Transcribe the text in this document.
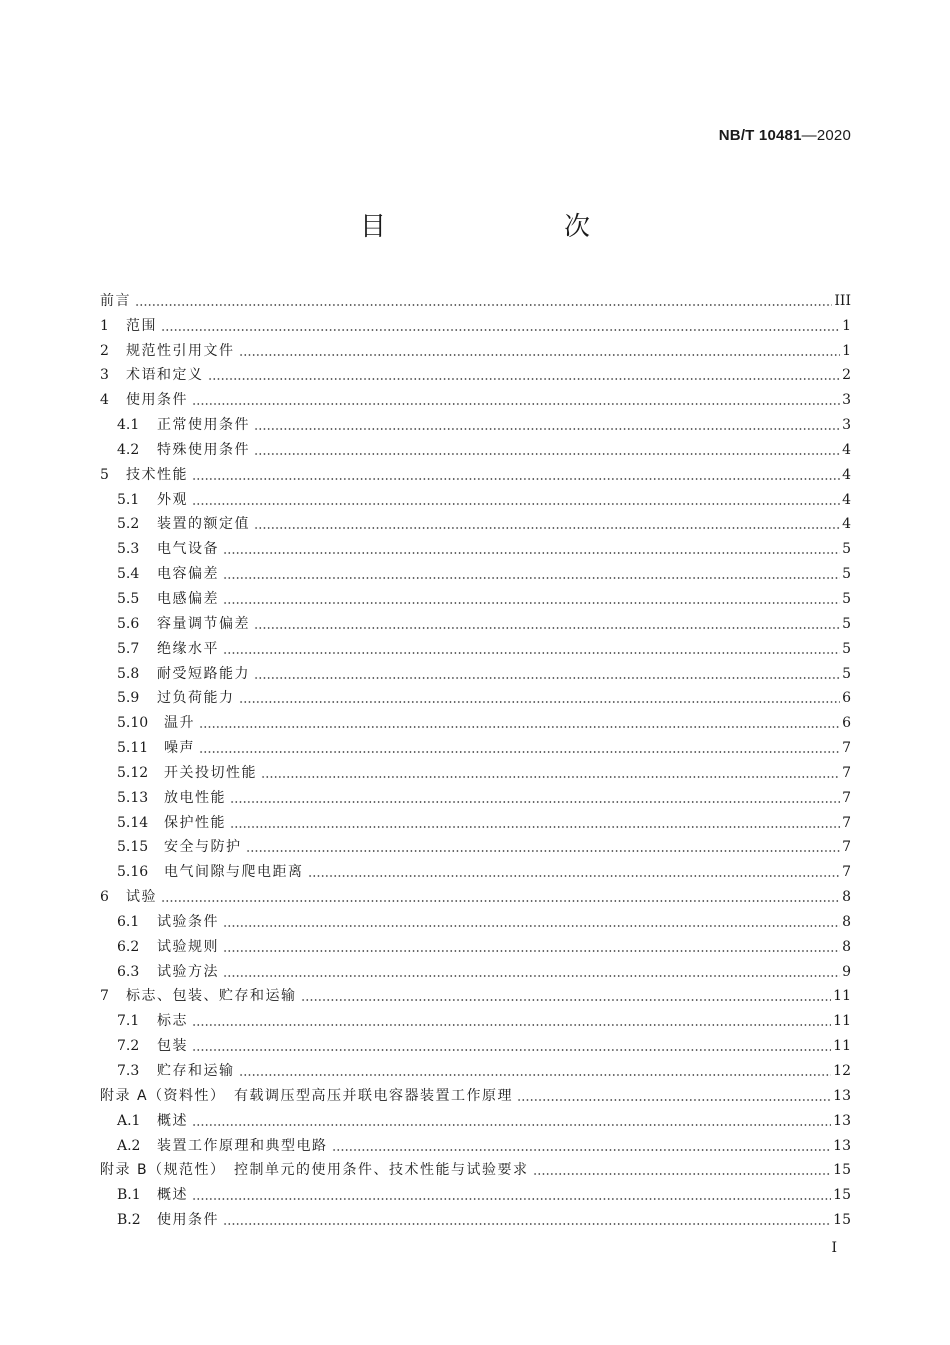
NB/T 10481—2020
目　　次
前言	III
1	范围	1
2	规范性引用文件	1
3	术语和定义	2
4	使用条件	3
4.1	正常使用条件	3
4.2	特殊使用条件	4
5	技术性能	4
5.1	外观	4
5.2	装置的额定值	4
5.3	电气设备	5
5.4	电容偏差	5
5.5	电感偏差	5
5.6	容量调节偏差	5
5.7	绝缘水平	5
5.8	耐受短路能力	5
5.9	过负荷能力	6
5.10	温升	6
5.11	噪声	7
5.12	开关投切性能	7
5.13	放电性能	7
5.14	保护性能	7
5.15	安全与防护	7
5.16	电气间隙与爬电距离	7
6	试验	8
6.1	试验条件	8
6.2	试验规则	8
6.3	试验方法	9
7	标志、包装、贮存和运输	11
7.1	标志	11
7.2	包装	11
7.3	贮存和运输	12
附录 A（资料性）　有载调压型高压并联电容器装置工作原理	13
A.1	概述	13
A.2	装置工作原理和典型电路	13
附录 B（规范性）　控制单元的使用条件、技术性能与试验要求	15
B.1	概述	15
B.2	使用条件	15
I
